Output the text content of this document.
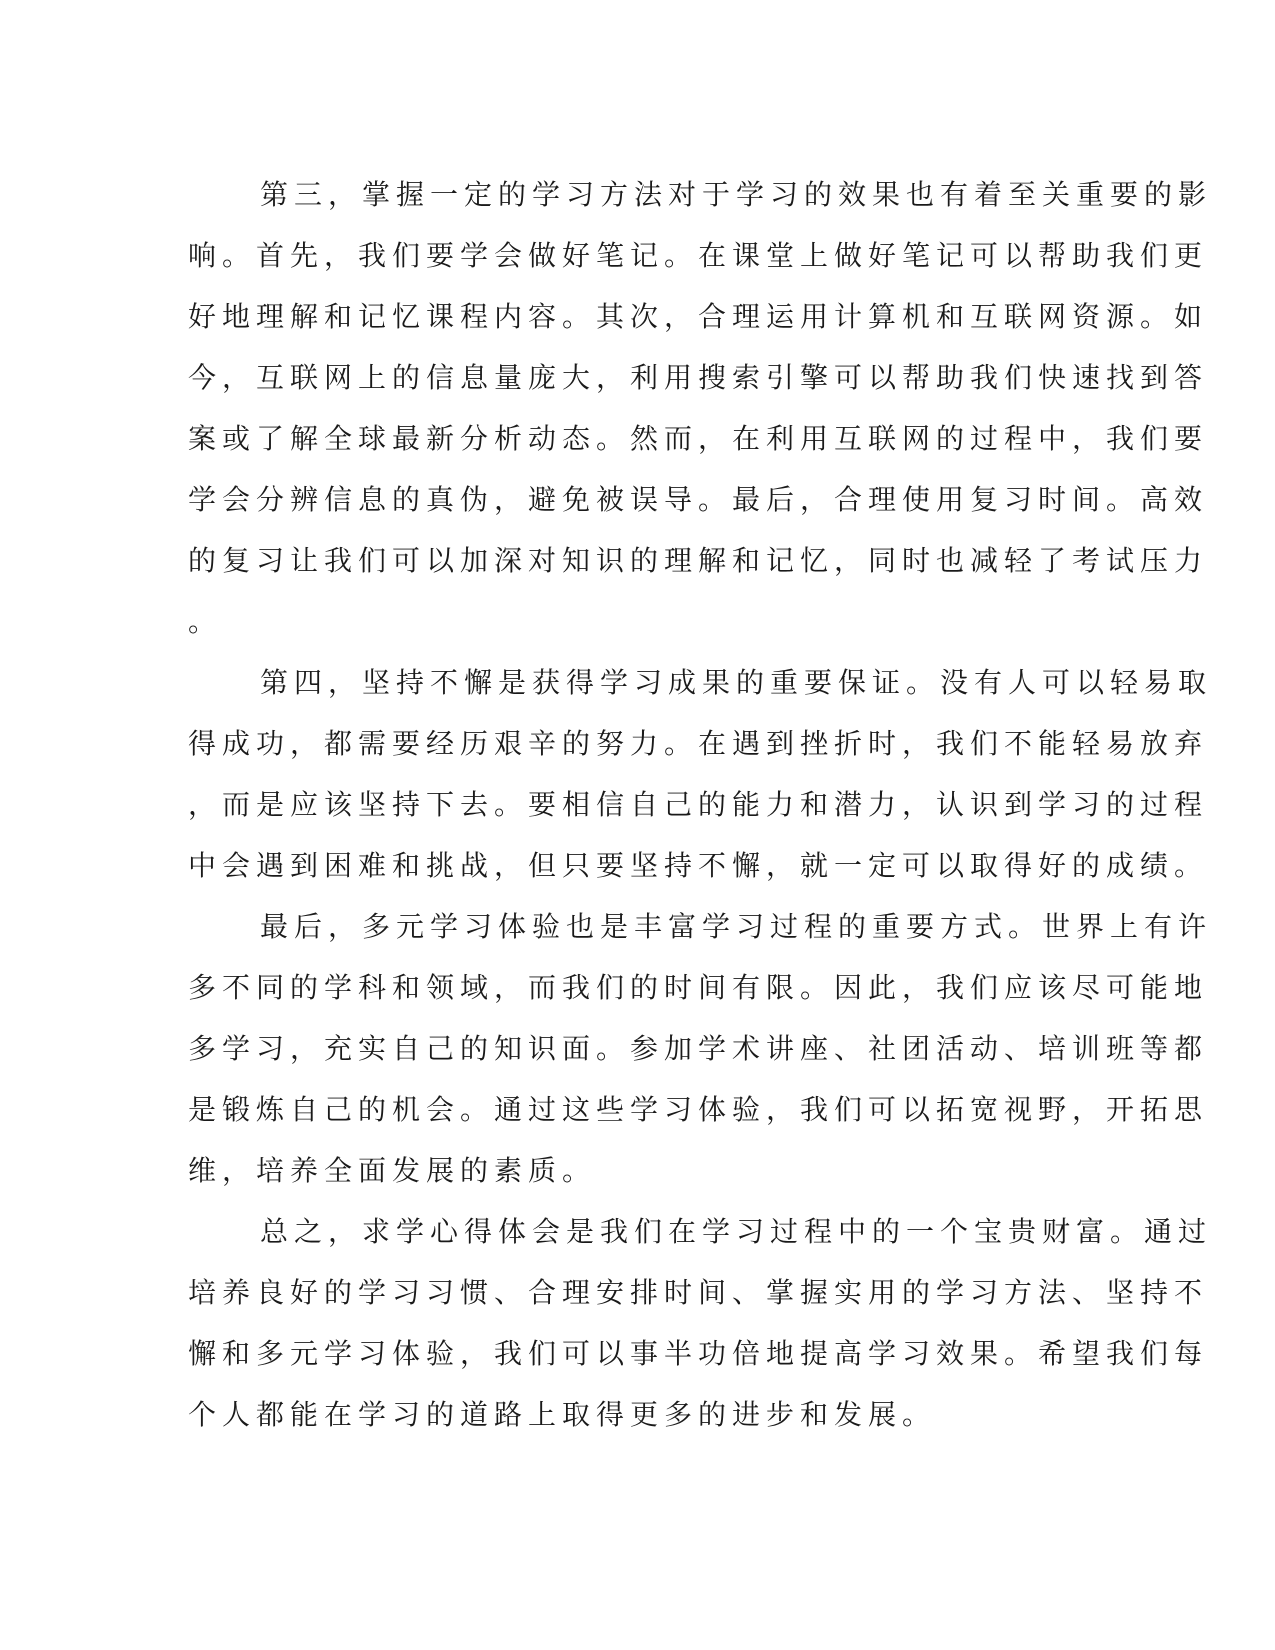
第三，掌握一定的学习方法对于学习的效果也有着至关重要的影
响。首先，我们要学会做好笔记。在课堂上做好笔记可以帮助我们更
好地理解和记忆课程内容。其次，合理运用计算机和互联网资源。如
今，互联网上的信息量庞大，利用搜索引擎可以帮助我们快速找到答
案或了解全球最新分析动态。然而，在利用互联网的过程中，我们要
学会分辨信息的真伪，避免被误导。最后，合理使用复习时间。高效
的复习让我们可以加深对知识的理解和记忆，同时也减轻了考试压力
。
第四，坚持不懈是获得学习成果的重要保证。没有人可以轻易取
得成功，都需要经历艰辛的努力。在遇到挫折时，我们不能轻易放弃
，而是应该坚持下去。要相信自己的能力和潜力，认识到学习的过程
中会遇到困难和挑战，但只要坚持不懈，就一定可以取得好的成绩。
最后，多元学习体验也是丰富学习过程的重要方式。世界上有许
多不同的学科和领域，而我们的时间有限。因此，我们应该尽可能地
多学习，充实自己的知识面。参加学术讲座、社团活动、培训班等都
是锻炼自己的机会。通过这些学习体验，我们可以拓宽视野，开拓思
维，培养全面发展的素质。
总之，求学心得体会是我们在学习过程中的一个宝贵财富。通过
培养良好的学习习惯、合理安排时间、掌握实用的学习方法、坚持不
懈和多元学习体验，我们可以事半功倍地提高学习效果。希望我们每
个人都能在学习的道路上取得更多的进步和发展。
